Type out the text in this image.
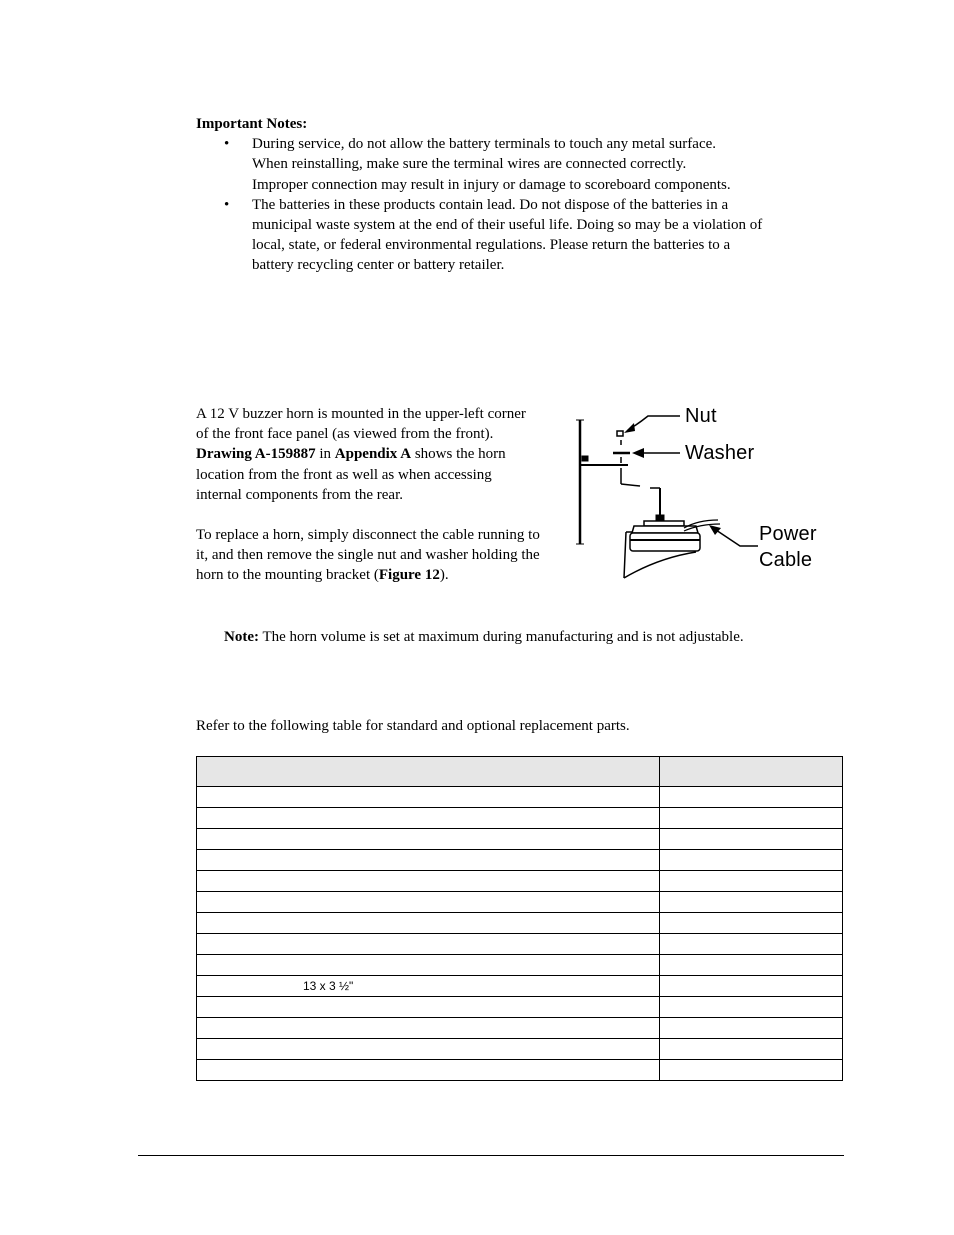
Important Notes:
• During service, do not allow the battery terminals to touch any metal surface.
When reinstalling, make sure the terminal wires are connected correctly.
Improper connection may result in injury or damage to scoreboard components.
• The batteries in these products contain lead. Do not dispose of the batteries in a
municipal waste system at the end of their useful life. Doing so may be a violation of
local, state, or federal environmental regulations. Please return the batteries to a
battery recycling center or battery retailer.

A 12 V buzzer horn is mounted in the upper-left corner of the front face panel (as viewed from the front). Drawing A-159887 in Appendix A shows the horn location from the front as well as when accessing internal components from the rear.

To replace a horn, simply disconnect the cable running to it, and then remove the single nut and washer holding the horn to the mounting bracket (Figure 12).

Nut
Washer
Power
Cable
Note: The horn volume is set at maximum during manufacturing and is not adjustable.
Refer to the following table for standard and optional replacement parts.

13 x 3 ½"	
